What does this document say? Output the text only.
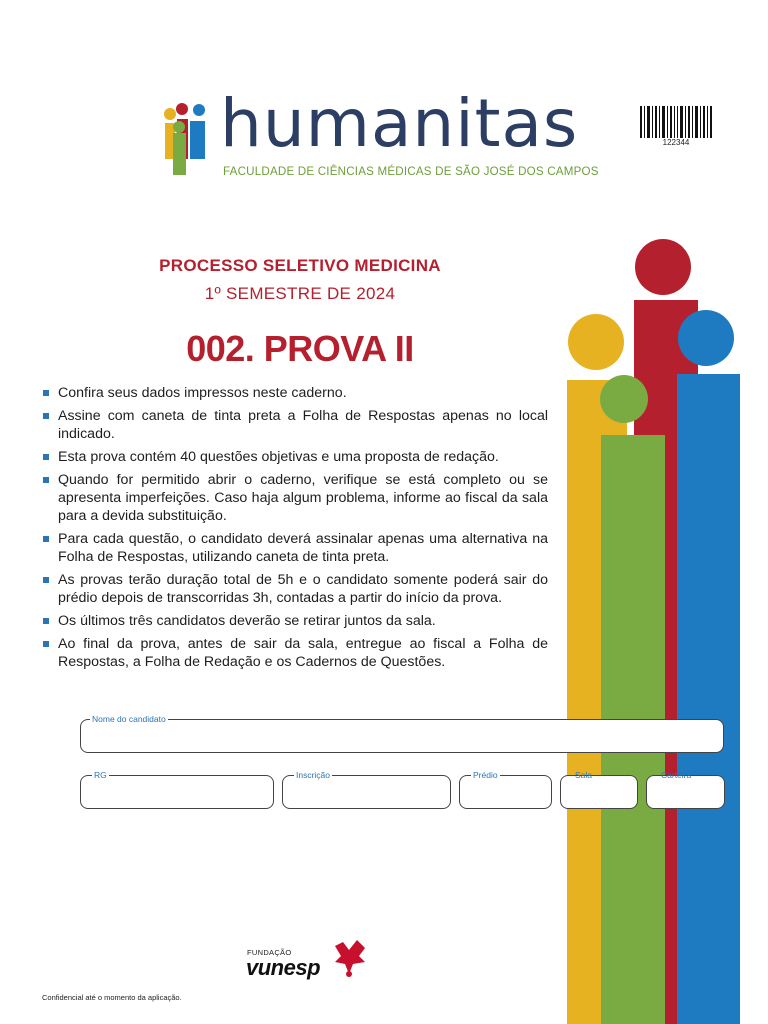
humanitas
FACULDADE DE CIÊNCIAS MÉDICAS DE SÃO JOSÉ DOS CAMPOS
122344
PROCESSO SELETIVO MEDICINA
1º SEMESTRE DE 2024
002. PROVA II
Confira seus dados impressos neste caderno.
Assine com caneta de tinta preta a Folha de Respostas apenas no local indicado.
Esta prova contém 40 questões objetivas e uma proposta de redação.
Quando for permitido abrir o caderno, verifique se está completo ou se apresenta imperfeições. Caso haja algum problema, informe ao fiscal da sala para a devida substituição.
Para cada questão, o candidato deverá assinalar apenas uma alternativa na Folha de Respostas, utilizando caneta de tinta preta.
As provas terão duração total de 5h e o candidato somente poderá sair do prédio depois de transcorridas 3h, contadas a partir do início da prova.
Os últimos três candidatos deverão se retirar juntos da sala.
Ao final da prova, antes de sair da sala, entregue ao fiscal a Folha de Respostas, a Folha de Redação e os Cadernos de Questões.
Nome do candidato
RG	Inscrição	Prédio	Sala	Carteira
FUNDAÇÃO
vunesp
Confidencial até o momento da aplicação.
